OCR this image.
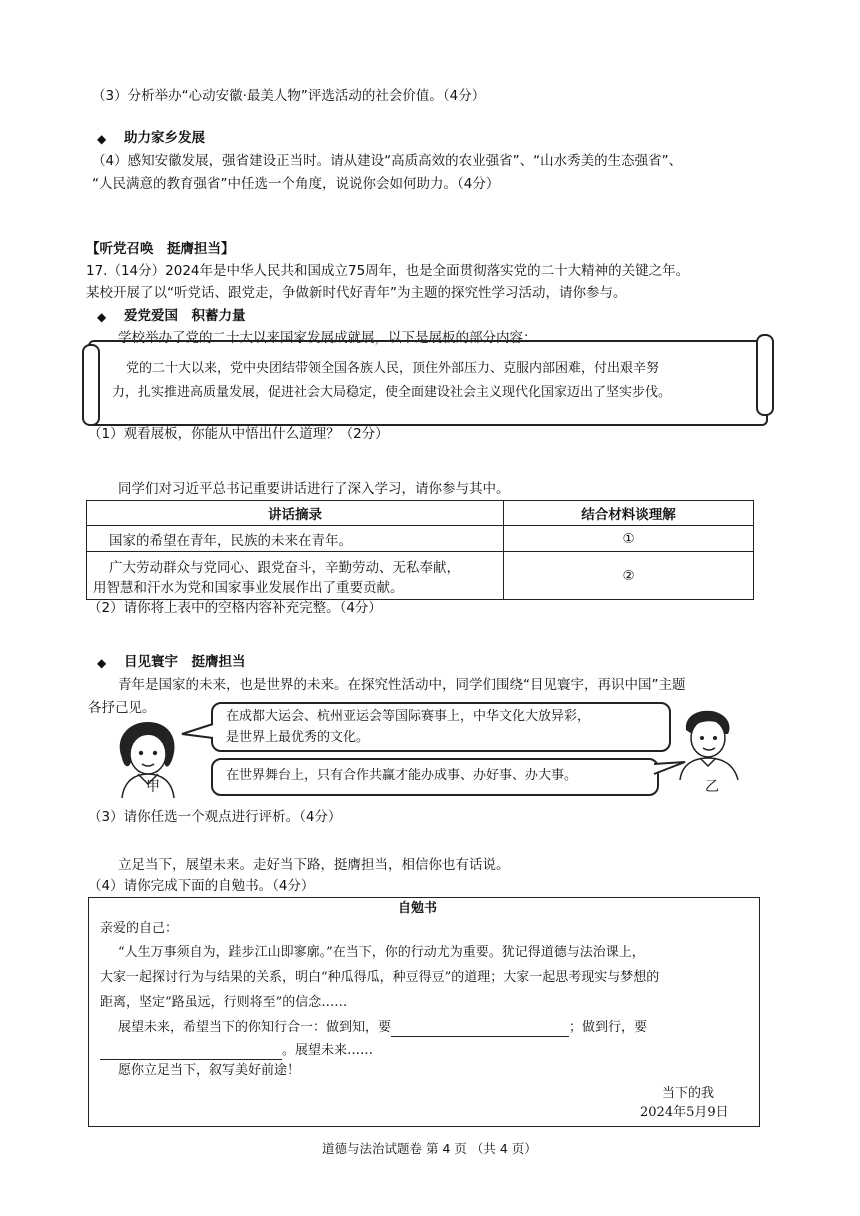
（3）分析举办“心动安徽·最美人物”评选活动的社会价值。（4分）
◆ 助力家乡发展
（4）感知安徽发展，强省建设正当时。请从建设“高质高效的农业强省”、“山水秀美的生态强省”、
“人民满意的教育强省”中任选一个角度，说说你会如何助力。（4分）
【听党召唤　挺膺担当】
17.（14分）2024年是中华人民共和国成立75周年，也是全面贯彻落实党的二十大精神的关键之年。
某校开展了以“听党话、跟党走，争做新时代好青年”为主题的探究性学习活动，请你参与。
◆ 爱党爱国　积蓄力量
学校举办了党的二十大以来国家发展成就展，以下是展板的部分内容：
党的二十大以来，党中央团结带领全国各族人民，顶住外部压力、克服内部困难，付出艰辛努
力，扎实推进高质量发展，促进社会大局稳定，使全面建设社会主义现代化国家迈出了坚实步伐。
（1）观看展板，你能从中悟出什么道理？（2分）
同学们对习近平总书记重要讲话进行了深入学习，请你参与其中。
讲话摘录	结合材料谈理解
国家的希望在青年，民族的未来在青年。	①

广大劳动群众与党同心、跟党奋斗，辛勤劳动、无私奉献，
用智慧和汗水为党和国家事业发展作出了重要贡献。	②
（2）请你将上表中的空格内容补充完整。（4分）
◆ 目见寰宇　挺膺担当
青年是国家的未来，也是世界的未来。在探究性活动中，同学们围绕“目见寰宇，再识中国”主题
各抒己见。
甲
在成都大运会、杭州亚运会等国际赛事上，中华文化大放异彩，
是世界上最优秀的文化。
在世界舞台上，只有合作共赢才能办成事、办好事、办大事。
乙
（3）请你任选一个观点进行评析。（4分）
立足当下，展望未来。走好当下路，挺膺担当，相信你也有话说。
（4）请你完成下面的自勉书。（4分）
自勉书
亲爱的自己：
“人生万事须自为，跬步江山即寥廓。”在当下，你的行动尤为重要。犹记得道德与法治课上，
大家一起探讨行为与结果的关系，明白“种瓜得瓜，种豆得豆”的道理；大家一起思考现实与梦想的
距离，坚定“路虽远，行则将至”的信念……
展望未来，希望当下的你知行合一：做到知，要	；做到行，要
。展望未来……
愿你立足当下，叙写美好前途！
当下的我
2024年5月9日
道德与法治试题卷 第 4 页 （共 4 页）
